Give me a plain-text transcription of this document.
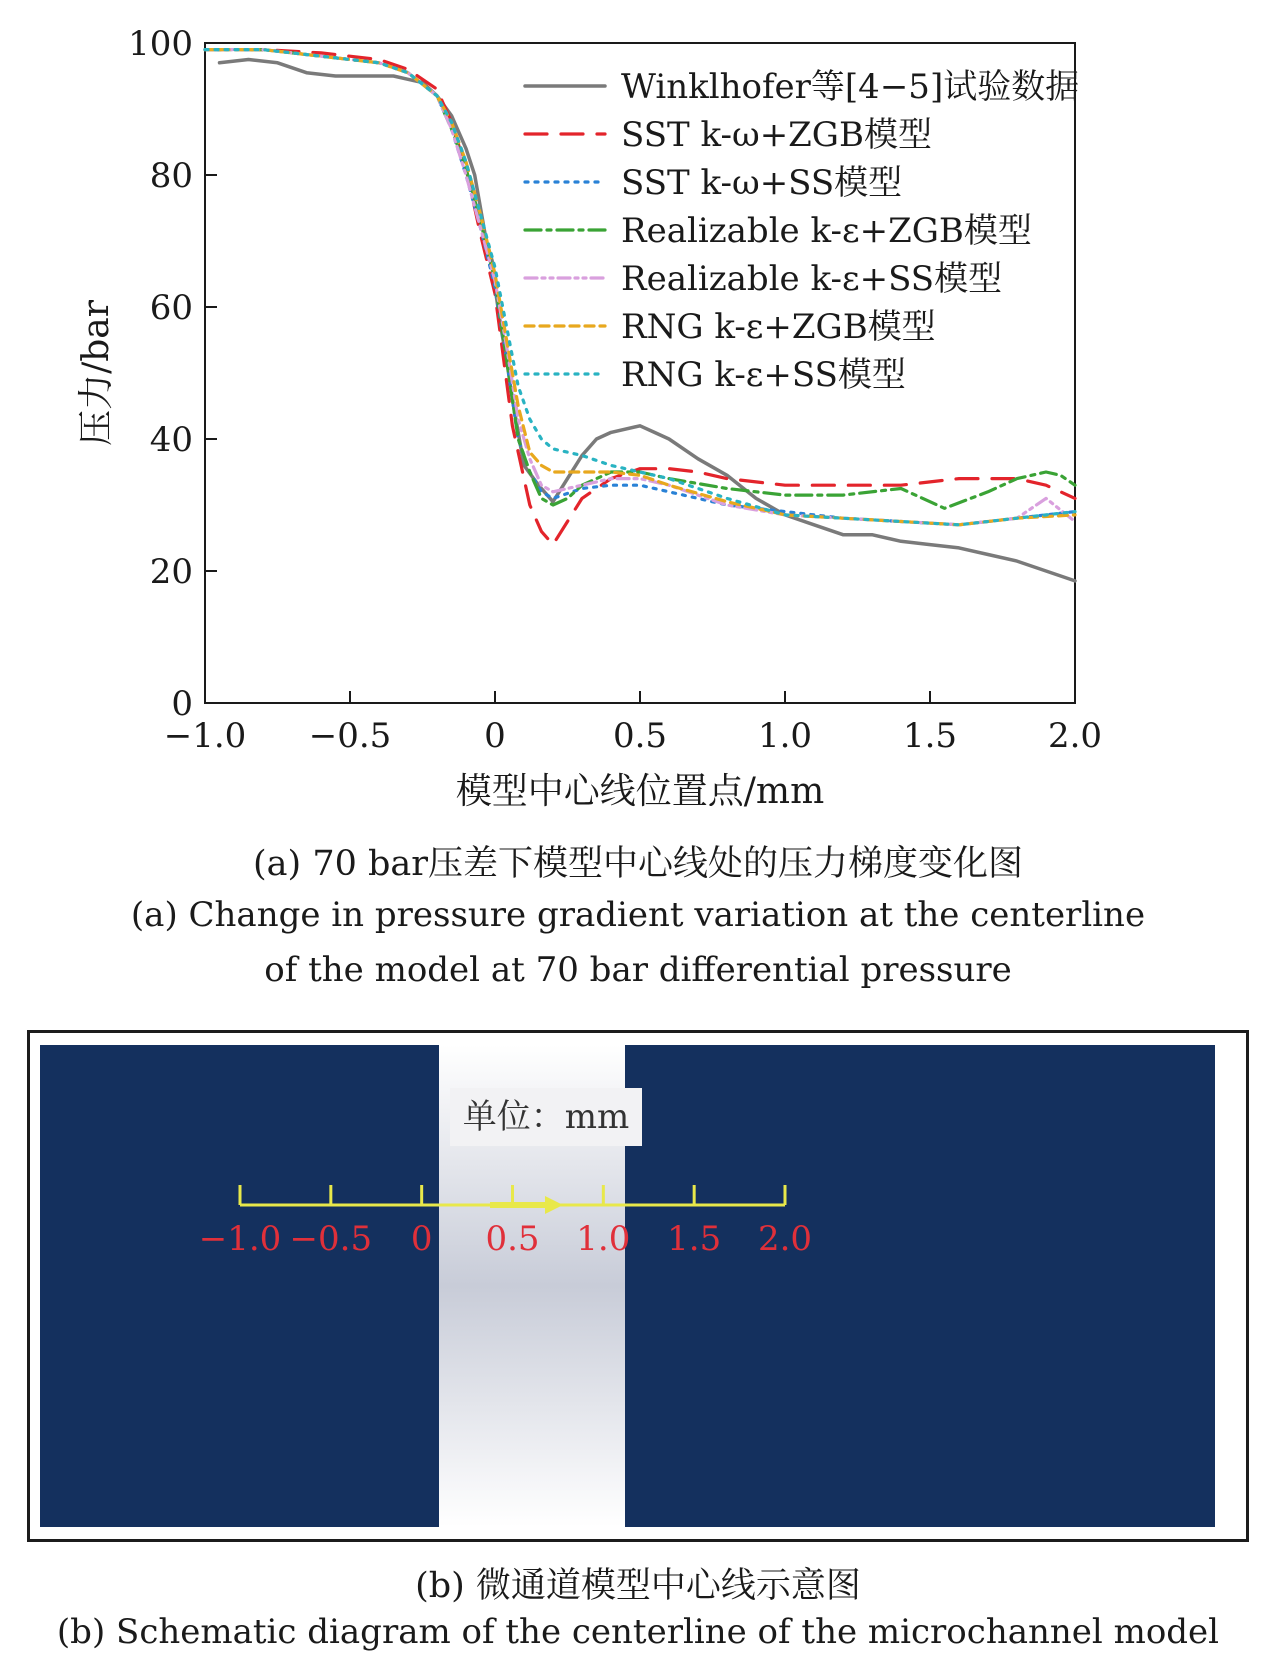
0
20
40
60
80
100
−1.0 −0.5	0	0.5	1.0	1.5	2.0
Winklhofer等[4−5]试验数据
SST k-ω+ZGB模型
SST k-ω+SS模型
Realizable k-ε+ZGB模型
Realizable k-ε+SS模型
RNG k-ε+ZGB模型
RNG k-ε+SS模型
模型中心线位置点/mm
压力/bar
(a) 70 bar压差下模型中心线处的压力梯度变化图
(a) Change in pressure gradient variation at the centerline
of the model at 70 bar differential pressure
−1.0 −0.5 0 0.5 1.0 1.5 2.0
单位：mm
(b) 微通道模型中心线示意图
(b) Schematic diagram of the centerline of the microchannel model
